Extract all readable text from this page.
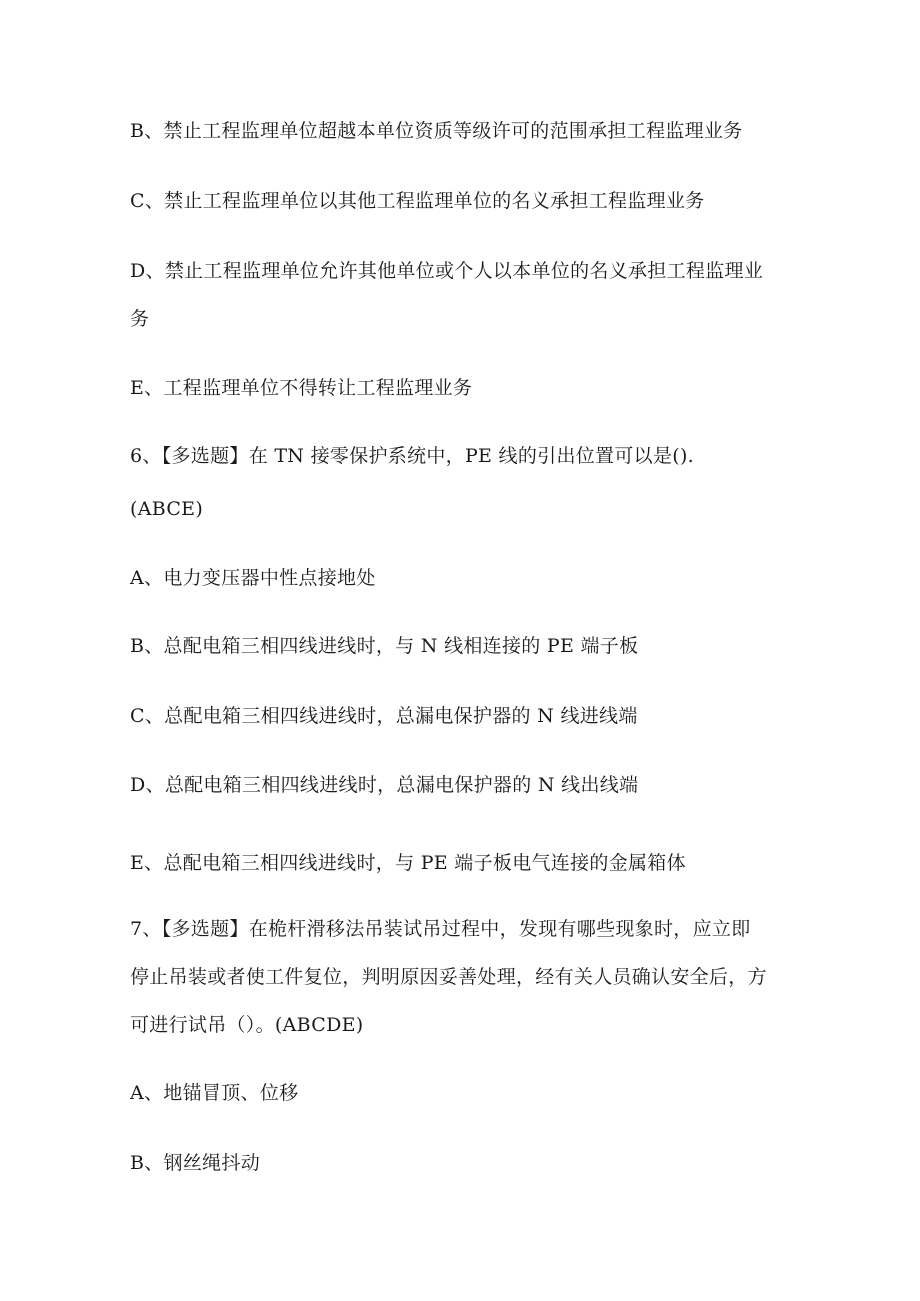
B、禁止工程监理单位超越本单位资质等级许可的范围承担工程监理业务
C、禁止工程监理单位以其他工程监理单位的名义承担工程监理业务
D、禁止工程监理单位允许其他单位或个人以本单位的名义承担工程监理业
务
E、工程监理单位不得转让工程监理业务
6、【多选题】在 TN 接零保护系统中，PE 线的引出位置可以是().
(ABCE)
A、电力变压器中性点接地处
B、总配电箱三相四线进线时，与 N 线相连接的 PE 端子板
C、总配电箱三相四线进线时，总漏电保护器的 N 线进线端
D、总配电箱三相四线进线时，总漏电保护器的 N 线出线端
E、总配电箱三相四线进线时，与 PE 端子板电气连接的金属箱体
7、【多选题】在桅杆滑移法吊装试吊过程中，发现有哪些现象时，应立即
停止吊装或者使工件复位，判明原因妥善处理，经有关人员确认安全后，方
可进行试吊（）。(ABCDE)
A、地锚冒顶、位移
B、钢丝绳抖动
